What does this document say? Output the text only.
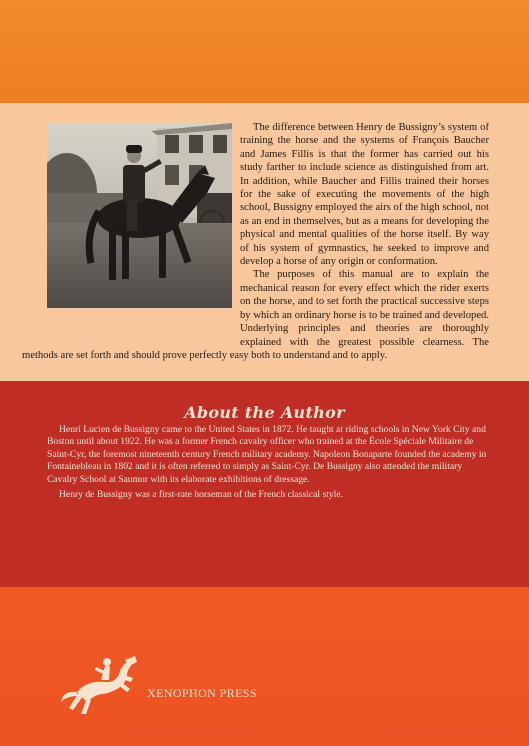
The difference between Henry de Bussigny’s system of training the horse and the systems of François Baucher and James Fillis is that the former has carried out his study farther to include science as distinguished from art. In addition, while Baucher and Fillis trained their horses for the sake of executing the movements of the high school, Bussigny employed the airs of the high school, not as an end in themselves, but as a means for developing the physical and mental qualities of the horse itself. By way of his system of gymnastics, he seeked to improve and develop a horse of any origin or conformation.

The purposes of this manual are to explain the mechanical reason for every effect which the rider exerts on the horse, and to set forth the practical successive steps by which an ordinary horse is to be trained and developed. Underlying principles and theories are thoroughly explained with the greatest possible clearness. The methods are set forth and should prove perfectly easy both to understand and to apply.

About the Author

Henri Lucien de Bussigny came to the United States in 1872. He taught at riding schools in New York City and Boston until about 1922. He was a former French cavalry officer who trained at the École Spéciale Militaire de Saint-Cyr, the foremost nineteenth century French military academy. Napoleon Bonaparte founded the academy in Fontainebleau in 1802 and it is often referred to simply as Saint-Cyr. De Bussigny also attended the military Cavalry School at Saumur with its elaborate exhibitions of dressage.

Henry de Bussigny was a first-rate horseman of the French classical style.

XENOPHON PRESS
